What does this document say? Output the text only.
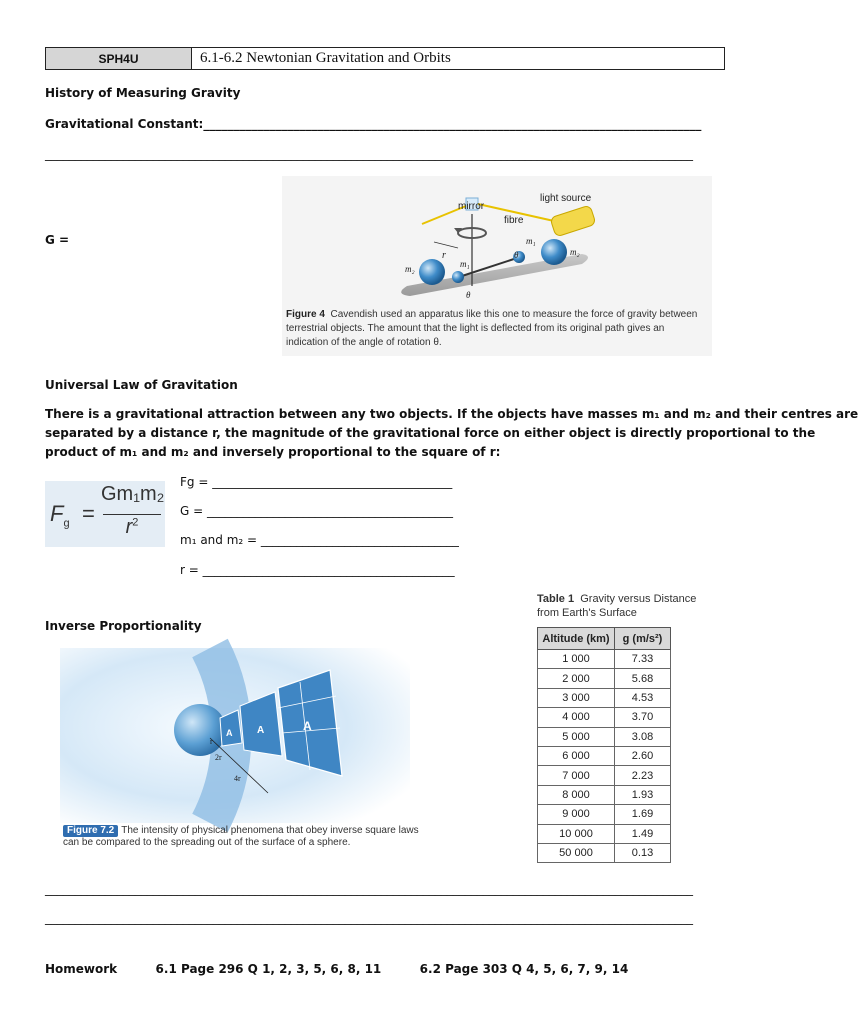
SPH4U	6.1-6.2 Newtonian Gravitation and Orbits
History of Measuring Gravity
Gravitational Constant:___________________________________________________________________________________
____________________________________________________________________________________________________________
G =
mirror
light source
fibre
r
m₁
m₂
m₁
m₂
θ
θ
Figure 4 Cavendish used an apparatus like this one to measure the force of gravity between terrestrial objects. The amount that the light is deflected from its original path gives an indication of the angle of rotation θ.
Universal Law of Gravitation
There is a gravitational attraction between any two objects. If the objects have masses m₁ and m₂ and their centres are
separated by a distance r, the magnitude of the gravitational force on either object is directly proportional to the
product of m₁ and m₂ and inversely proportional to the square of r:
$F_g$ =
Gm₁m₂
$r^2$
Fg = ________________________________________
G = _________________________________________
m₁ and m₂ = _________________________________
r = __________________________________________
Inverse Proportionality
r
2r
4r
A A	A
Figure 7.2 The intensity of physical phenomena that obey inverse square laws can be compared to the spreading out of the surface of a sphere.
Table 1 Gravity versus Distance from Earth's Surface
Altitude (km)	g (m/s²)
1 000	7.33
2 000	5.68
3 000	4.53
4 000	3.70
5 000	3.08
6 000	2.60
7 000	2.23
8 000	1.93
9 000	1.69
10 000	1.49
50 000	0.13
____________________________________________________________________________________________________________
____________________________________________________________________________________________________________
Homework	6.1 Page 296 Q 1, 2, 3, 5, 6, 8, 11	6.2 Page 303 Q 4, 5, 6, 7, 9, 14
